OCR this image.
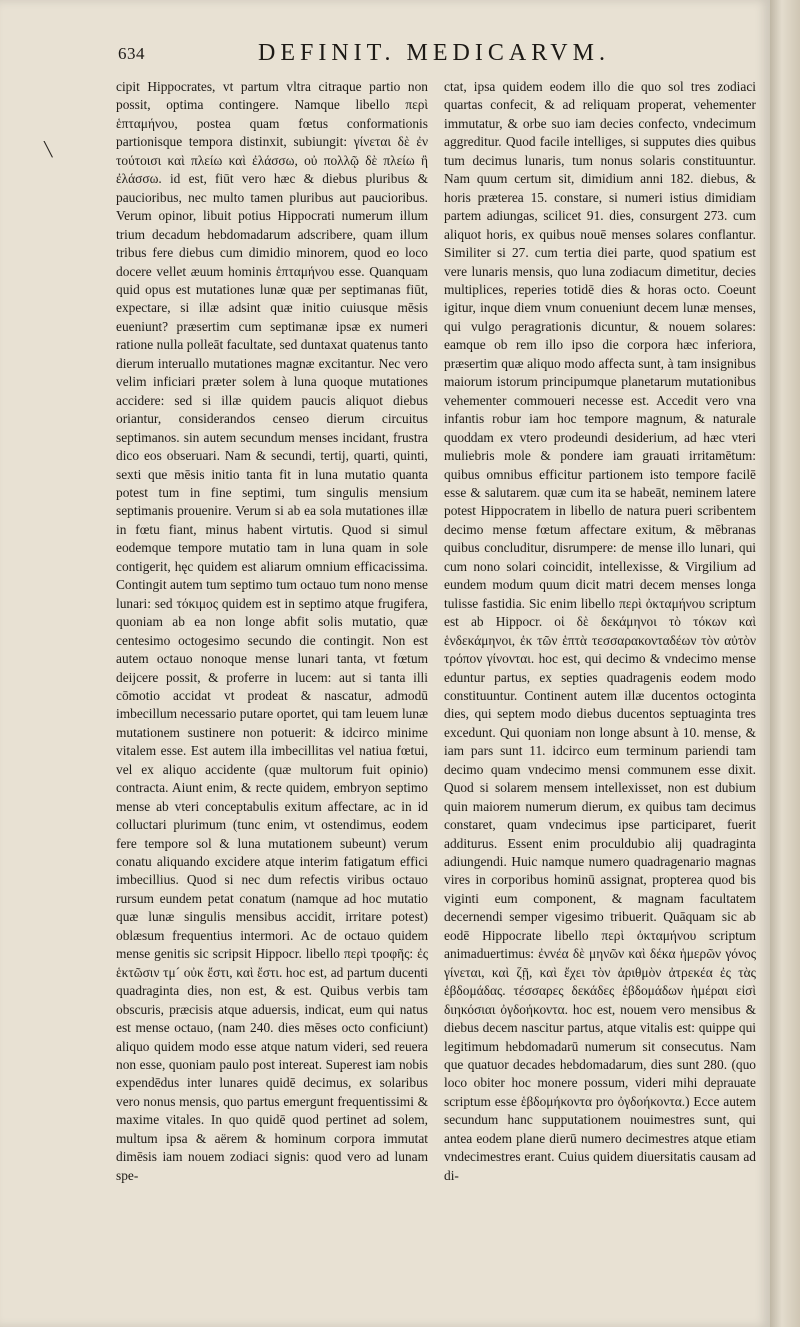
634	DEFINIT. MEDICARVM.

cipit Hippocrates, vt partum vltra citraque partio non possit, optima contingere. Namque libello περὶ ἑπταμήνου, postea quam fœtus conformationis partionisque tempora distinxit, subiungit: γίνεται δὲ ἐν τούτοισι καὶ πλείω καὶ ἐλάσσω, οὐ πολλῷ δὲ πλείω ἢ ἐλάσσω. id est, fiūt vero hæc & diebus pluribus & paucioribus, nec multo tamen pluribus aut paucioribus. Verum opinor, libuit potius Hippocrati numerum illum trium decadum hebdomadarum adscribere, quam illum tribus fere diebus cum dimidio minorem, quod eo loco docere vellet æuum hominis ἑπταμήνου esse. Quanquam quid opus est mutationes lunæ quæ per septimanas fiūt, expectare, si illæ adsint quæ initio cuiusque mēsis eueniunt? præsertim cum septimanæ ipsæ ex numeri ratione nulla polleāt facultate, sed duntaxat quatenus tanto dierum interuallo mutationes magnæ excitantur. Nec vero velim inficiari præter solem à luna quoque mutationes accidere: sed si illæ quidem paucis aliquot diebus oriantur, considerandos censeo dierum circuitus septimanos. sin autem secundum menses incidant, frustra dico eos obseruari. Nam & secundi, tertij, quarti, quinti, sexti que mēsis initio tanta fit in luna mutatio quanta potest tum in fine septimi, tum singulis mensium septimanis prouenire. Verum si ab ea sola mutationes illæ in fœtu fiant, minus habent virtutis. Quod si simul eodemque tempore mutatio tam in luna quam in sole contigerit, hęc quidem est aliarum omnium efficacissima. Contingit autem tum septimo tum octauo tum nono mense lunari: sed τόκιμος quidem est in septimo atque frugifera, quoniam ab ea non longe abfit solis mutatio, quæ centesimo octogesimo secundo die contingit. Non est autem octauo nonoque mense lunari tanta, vt fœtum deijcere possit, & proferre in lucem: aut si tanta illi cōmotio accidat vt prodeat & nascatur, admodū imbecillum necessario putare oportet, qui tam leuem lunæ mutationem sustinere non potuerit: & idcirco minime vitalem esse. Est autem illa imbecillitas vel natiua fœtui, vel ex aliquo accidente (quæ multorum fuit opinio) contracta. Aiunt enim, & recte quidem, embryon septimo mense ab vteri conceptabulis exitum affectare, ac in id colluctari plurimum (tunc enim, vt ostendimus, eodem fere tempore sol & luna mutationem subeunt) verum conatu aliquando excidere atque interim fatigatum effici imbecillius. Quod si nec dum refectis viribus octauo rursum eundem petat conatum (namque ad hoc mutatio quæ lunæ singulis mensibus accidit, irritare potest) oblæsum frequentius intermori. Ac de octauo quidem mense genitis sic scripsit Hippocr. libello περὶ τροφῆς: ἐς ἑκτῶσιν τμ´ οὐκ ἔστι, καὶ ἔστι. hoc est, ad partum ducenti quadraginta dies, non est, & est. Quibus verbis tam obscuris, præcisis atque aduersis, indicat, eum qui natus est mense octauo, (nam 240. dies mēses octo conficiunt) aliquo quidem modo esse atque natum videri, sed reuera non esse, quoniam paulo post intereat. Superest iam nobis expendēdus inter lunares quidē decimus, ex solaribus vero nonus mensis, quo partus emergunt frequentissimi & maxime vitales. In quo quidē quod pertinet ad solem, multum ipsa & aërem & hominum corpora immutat dimēsis iam nouem zodiaci signis: quod vero ad lunam spe-

ctat, ipsa quidem eodem illo die quo sol tres zodiaci quartas confecit, & ad reliquam properat, vehementer immutatur, & orbe suo iam decies confecto, vndecimum aggreditur. Quod facile intelliges, si supputes dies quibus tum decimus lunaris, tum nonus solaris constituuntur. Nam quum certum sit, dimidium anni 182. diebus, & horis præterea 15. constare, si numeri istius dimidiam partem adiungas, scilicet 91. dies, consurgent 273. cum aliquot horis, ex quibus nouē menses solares conflantur. Similiter si 27. cum tertia diei parte, quod spatium est vere lunaris mensis, quo luna zodiacum dimetitur, decies multiplices, reperies totidē dies & horas octo. Coeunt igitur, inque diem vnum conueniunt decem lunæ menses, qui vulgo peragrationis dicuntur, & nouem solares: eamque ob rem illo ipso die corpora hæc inferiora, præsertim quæ aliquo modo affecta sunt, à tam insignibus maiorum istorum principumque planetarum mutationibus vehementer commoueri necesse est. Accedit vero vna infantis robur iam hoc tempore magnum, & naturale quoddam ex vtero prodeundi desiderium, ad hæc vteri muliebris mole & pondere iam grauati irritamētum: quibus omnibus efficitur partionem isto tempore facilē esse & salutarem. quæ cum ita se habeāt, neminem latere potest Hippocratem in libello de natura pueri scribentem decimo mense fœtum affectare exitum, & mēbranas quibus concluditur, disrumpere: de mense illo lunari, qui cum nono solari coincidit, intellexisse, & Virgilium ad eundem modum quum dicit matri decem menses longa tulisse fastidia. Sic enim libello περὶ ὀκταμήνου scriptum est ab Hippocr. οἱ δὲ δεκάμηνοι τὸ τόκων καὶ ἑνδεκάμηνοι, ἐκ τῶν ἑπτὰ τεσσαρακονταδέων τὸν αὐτὸν τρόπον γίνονται. hoc est, qui decimo & vndecimo mense eduntur partus, ex septies quadragenis eodem modo constituuntur. Continent autem illæ ducentos octoginta dies, qui septem modo diebus ducentos septuaginta tres excedunt. Qui quoniam non longe absunt à 10. mense, & iam pars sunt 11. idcirco eum terminum pariendi tam decimo quam vndecimo mensi communem esse dixit. Quod si solarem mensem intellexisset, non est dubium quin maiorem numerum dierum, ex quibus tam decimus constaret, quam vndecimus ipse participaret, fuerit additurus. Essent enim proculdubio alij quadraginta adiungendi. Huic namque numero quadragenario magnas vires in corporibus hominū assignat, propterea quod bis viginti eum component, & magnam facultatem decernendi semper vigesimo tribuerit. Quāquam sic ab eodē Hippocrate libello περὶ ὀκταμήνου scriptum animaduertimus: ἐννέα δὲ μηνῶν καὶ δέκα ἡμερῶν γόνος γίνεται, καὶ ζῇ, καὶ ἔχει τὸν ἀριθμὸν ἀτρεκέα ἐς τὰς ἑβδομάδας. τέσσαρες δεκάδες ἑβδομάδων ἡμέραι εἰσὶ διηκόσιαι ὀγδοήκοντα. hoc est, nouem vero mensibus & diebus decem nascitur partus, atque vitalis est: quippe qui legitimum hebdomadarū numerum sit consecutus. Nam que quatuor decades hebdomadarum, dies sunt 280. (quo loco obiter hoc monere possum, videri mihi deprauate scriptum esse ἑβδομήκοντα pro ὀγδοήκοντα.) Ecce autem secundum hanc supputationem nouimestres sunt, qui antea eodem plane dierū numero decimestres atque etiam vndecimestres erant. Cuius quidem diuersitatis causam ad di-

╲
